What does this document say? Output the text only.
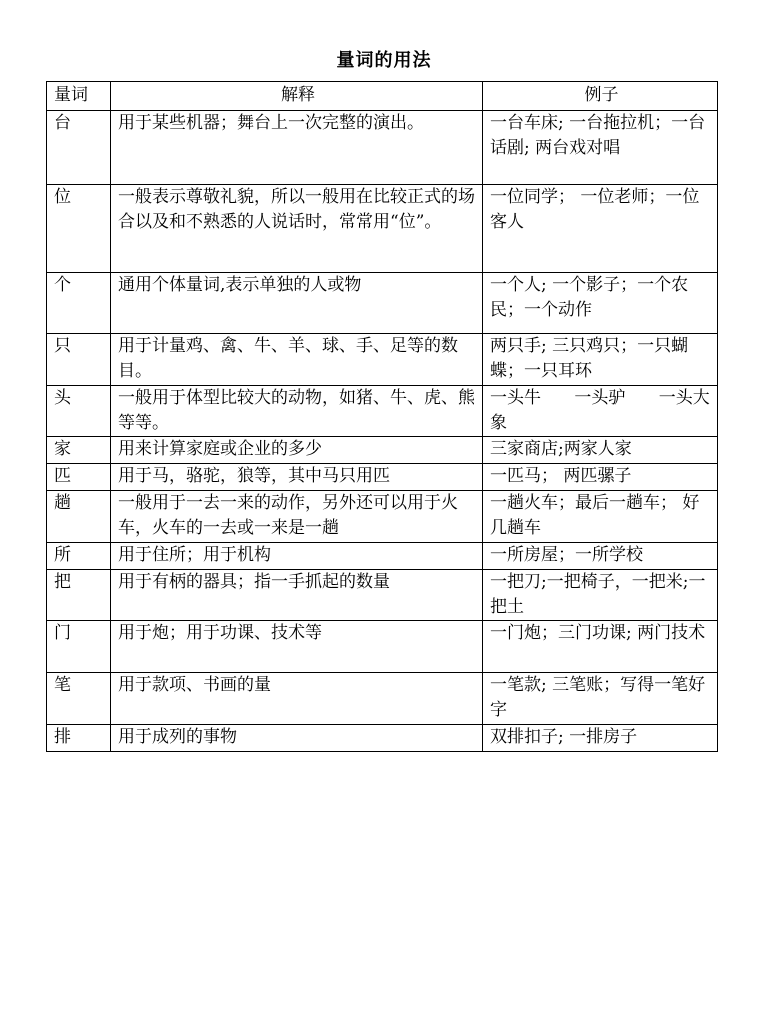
量词的用法
量词	解释	例子
台	用于某些机器；舞台上一次完整的演出。	一台车床; 一台拖拉机；一台话剧; 两台戏对唱
位	一般表示尊敬礼貌，所以一般用在比较正式的场合以及和不熟悉的人说话时，常常用“位”。	一位同学； 一位老师；一位客人
个	通用个体量词,表示单独的人或物	一个人; 一个影子；一个农民；一个动作
只	用于计量鸡、禽、牛、羊、球、手、足等的数目。	两只手; 三只鸡只；一只蝴蝶；一只耳环
头	一般用于体型比较大的动物，如猪、牛、虎、熊等等。	一头牛 一头驴 一头大象
家	用来计算家庭或企业的多少	三家商店;两家人家
匹	用于马，骆驼，狼等，其中马只用匹	一匹马； 两匹骡子
趟	一般用于一去一来的动作，另外还可以用于火车，火车的一去或一来是一趟	一趟火车；最后一趟车； 好几趟车
所	用于住所；用于机构	一所房屋；一所学校
把	用于有柄的器具；指一手抓起的数量	一把刀;一把椅子，一把米;一把土
门	用于炮；用于功课、技术等	一门炮；三门功课; 两门技术
笔	用于款项、书画的量	一笔款; 三笔账；写得一笔好字
排	用于成列的事物	双排扣子; 一排房子
